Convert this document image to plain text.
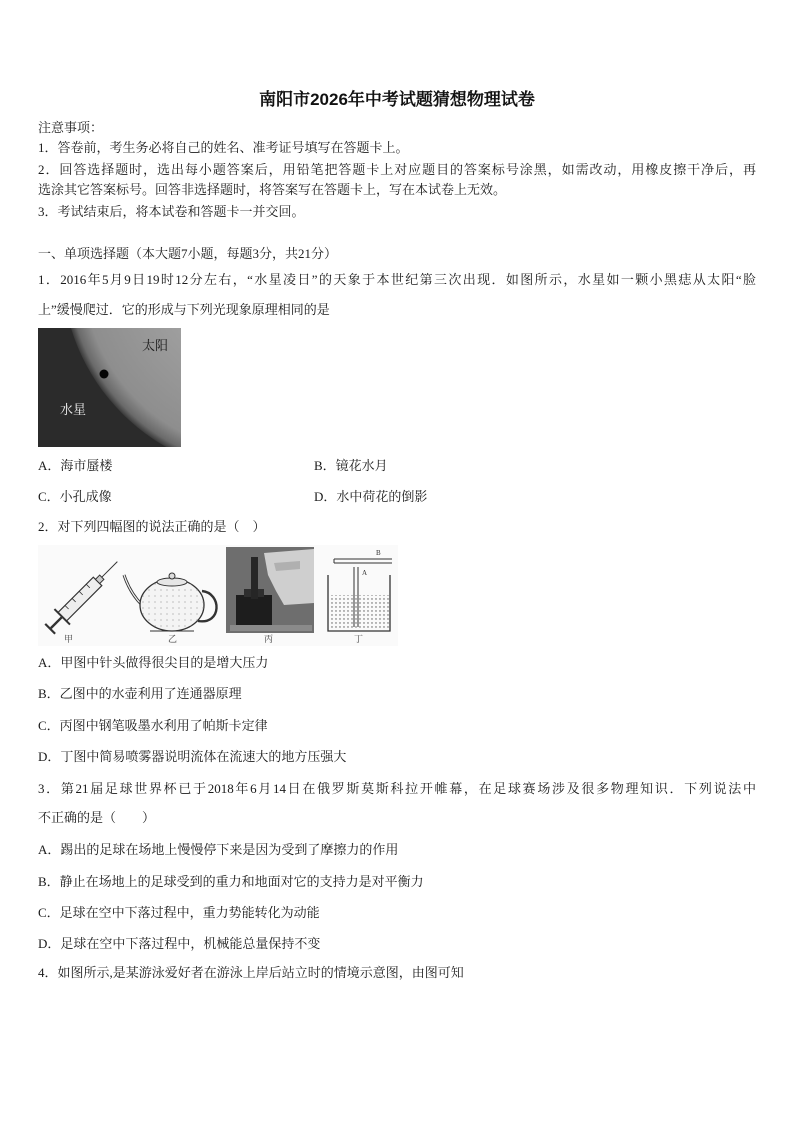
南阳市2026年中考试题猜想物理试卷
注意事项：
1．答卷前，考生务必将自己的姓名、准考证号填写在答题卡上。
2．回答选择题时，选出每小题答案后，用铅笔把答题卡上对应题目的答案标号涂黑，如需改动，用橡皮擦干净后，再
选涂其它答案标号。回答非选择题时，将答案写在答题卡上，写在本试卷上无效。
3．考试结束后，将本试卷和答题卡一并交回。
一、单项选择题（本大题7小题，每题3分，共21分）
1．2016年5月9日19时12分左右，“水星凌日”的天象于本世纪第三次出现．如图所示，水星如一颗小黑痣从太阳“脸
上”缓慢爬过．它的形成与下列光现象原理相同的是
太阳
水星
A．海市蜃楼	B．镜花水月
C．小孔成像	D．水中荷花的倒影
2．对下列四幅图的说法正确的是（　）
甲	乙	丙
B
A
丁
A．甲图中针头做得很尖目的是增大压力
B．乙图中的水壶利用了连通器原理
C．丙图中钢笔吸墨水利用了帕斯卡定律
D．丁图中简易喷雾器说明流体在流速大的地方压强大
3．第21届足球世界杯已于2018年6月14日在俄罗斯莫斯科拉开帷幕，在足球赛场涉及很多物理知识．下列说法中
不正确的是（　　）
A．踢出的足球在场地上慢慢停下来是因为受到了摩擦力的作用
B．静止在场地上的足球受到的重力和地面对它的支持力是对平衡力
C．足球在空中下落过程中，重力势能转化为动能
D．足球在空中下落过程中，机械能总量保持不变
4．如图所示,是某游泳爱好者在游泳上岸后站立时的情境示意图，由图可知
